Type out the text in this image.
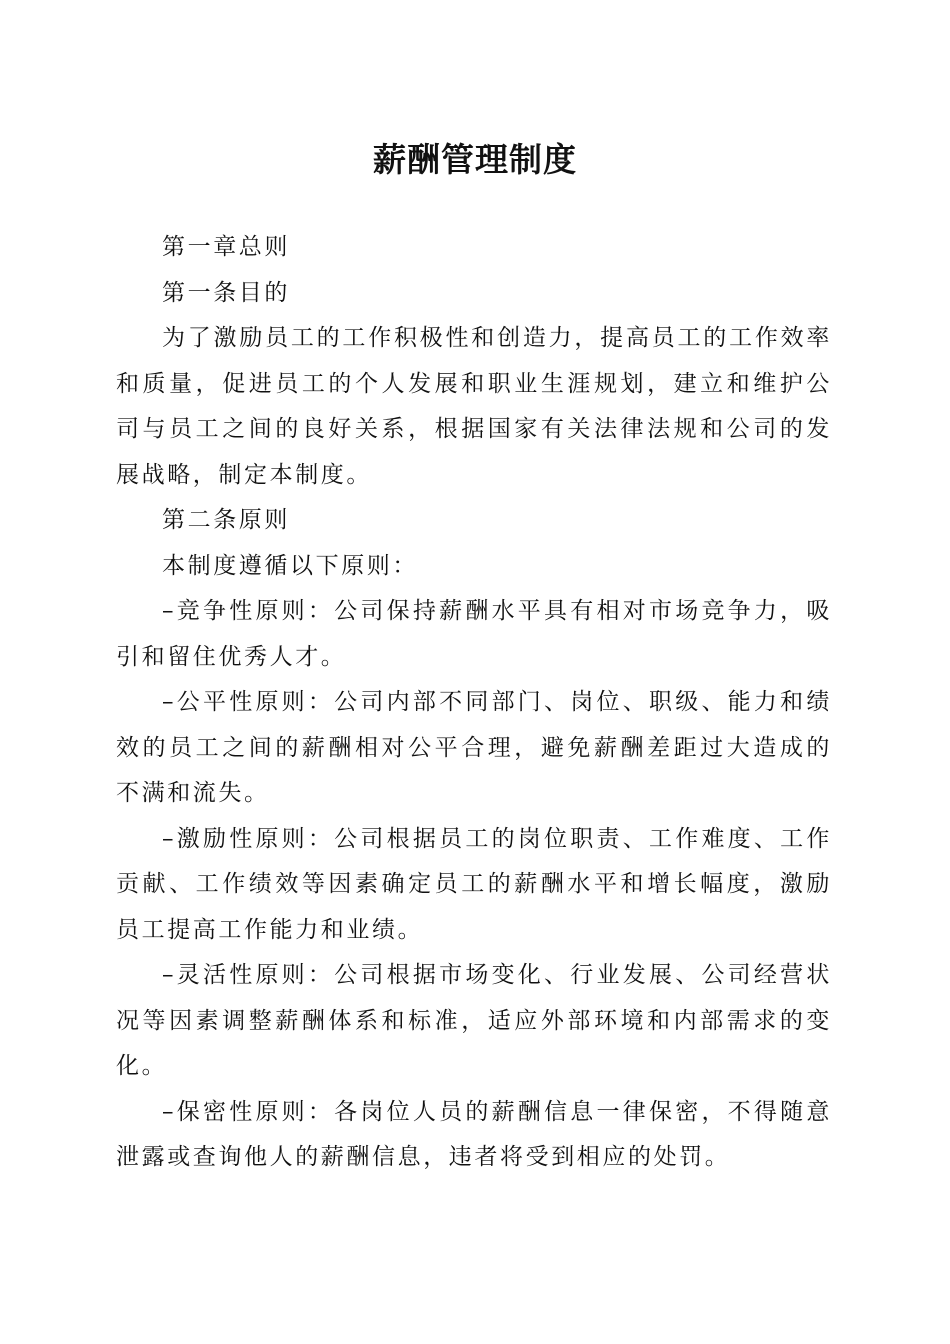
薪酬管理制度

第一章总则

第一条目的

为了激励员工的工作积极性和创造力，提高员工的工作效率和质量，促进员工的个人发展和职业生涯规划，建立和维护公司与员工之间的良好关系，根据国家有关法律法规和公司的发展战略，制定本制度。

第二条原则

本制度遵循以下原则：

–竞争性原则：公司保持薪酬水平具有相对市场竞争力，吸引和留住优秀人才。

–公平性原则：公司内部不同部门、岗位、职级、能力和绩效的员工之间的薪酬相对公平合理，避免薪酬差距过大造成的不满和流失。

–激励性原则：公司根据员工的岗位职责、工作难度、工作贡献、工作绩效等因素确定员工的薪酬水平和增长幅度，激励员工提高工作能力和业绩。

–灵活性原则：公司根据市场变化、行业发展、公司经营状况等因素调整薪酬体系和标准，适应外部环境和内部需求的变化。

–保密性原则：各岗位人员的薪酬信息一律保密，不得随意泄露或查询他人的薪酬信息，违者将受到相应的处罚。
